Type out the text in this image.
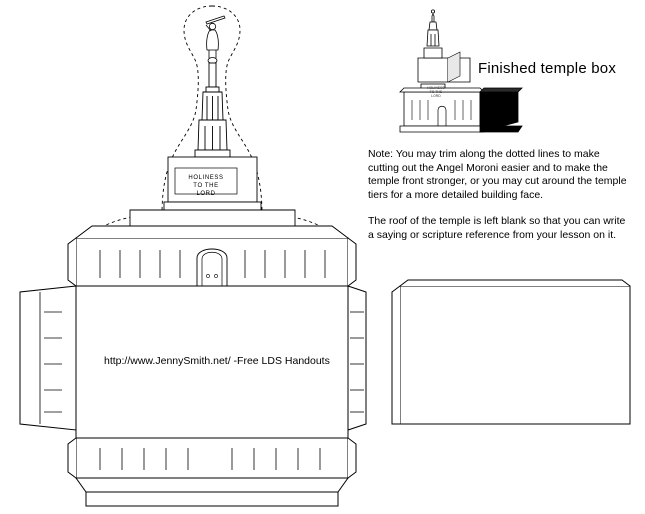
Finished temple box
HOLINESS
TO THE
LORD

Note: You may trim along the dotted lines to make cutting out the Angel Moroni easier and to make the temple front stronger, or you may cut around the temple tiers for a more detailed building face.

The roof of the temple is left blank so that you can write a saying or scripture reference from your lesson on it.

HOLINESS
TO THE
LORD
http://www.JennySmith.net/ -Free LDS Handouts
